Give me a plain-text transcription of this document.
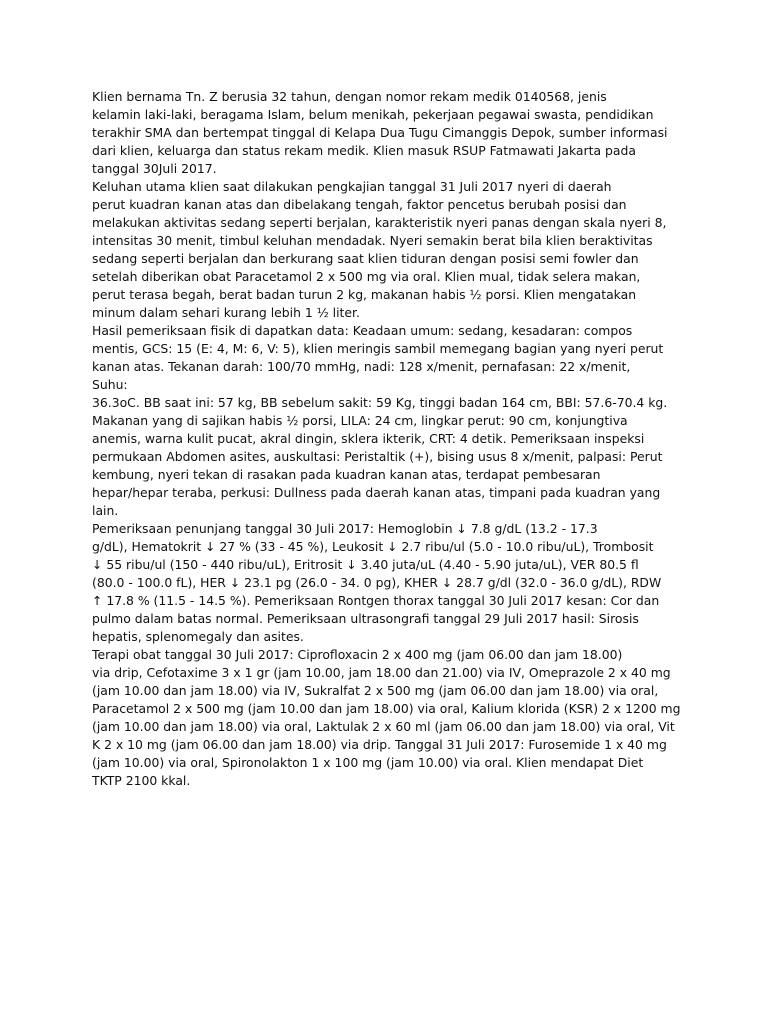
Klien bernama Tn. Z berusia 32 tahun, dengan nomor rekam medik 0140568, jenis
kelamin laki-laki, beragama Islam, belum menikah, pekerjaan pegawai swasta, pendidikan
terakhir SMA dan bertempat tinggal di Kelapa Dua Tugu Cimanggis Depok, sumber informasi
dari klien, keluarga dan status rekam medik. Klien masuk RSUP Fatmawati Jakarta pada
tanggal 30Juli 2017.
Keluhan utama klien saat dilakukan pengkajian tanggal 31 Juli 2017 nyeri di daerah
perut kuadran kanan atas dan dibelakang tengah, faktor pencetus berubah posisi dan
melakukan aktivitas sedang seperti berjalan, karakteristik nyeri panas dengan skala nyeri 8,
intensitas 30 menit, timbul keluhan mendadak. Nyeri semakin berat bila klien beraktivitas
sedang seperti berjalan dan berkurang saat klien tiduran dengan posisi semi fowler dan
setelah diberikan obat Paracetamol 2 x 500 mg via oral. Klien mual, tidak selera makan,
perut terasa begah, berat badan turun 2 kg, makanan habis ½ porsi. Klien mengatakan
minum dalam sehari kurang lebih 1 ½ liter.
Hasil pemeriksaan fisik di dapatkan data: Keadaan umum: sedang, kesadaran: compos
mentis, GCS: 15 (E: 4, M: 6, V: 5), klien meringis sambil memegang bagian yang nyeri perut
kanan atas. Tekanan darah: 100/70 mmHg, nadi: 128 x/menit, pernafasan: 22 x/menit,
Suhu:
36.3oC. BB saat ini: 57 kg, BB sebelum sakit: 59 Kg, tinggi badan 164 cm, BBI: 57.6-70.4 kg.
Makanan yang di sajikan habis ½ porsi, LILA: 24 cm, lingkar perut: 90 cm, konjungtiva
anemis, warna kulit pucat, akral dingin, sklera ikterik, CRT: 4 detik. Pemeriksaan inspeksi
permukaan Abdomen asites, auskultasi: Peristaltik (+), bising usus 8 x/menit, palpasi: Perut
kembung, nyeri tekan di rasakan pada kuadran kanan atas, terdapat pembesaran
hepar/hepar teraba, perkusi: Dullness pada daerah kanan atas, timpani pada kuadran yang
lain.
Pemeriksaan penunjang tanggal 30 Juli 2017: Hemoglobin ↓ 7.8 g/dL (13.2 - 17.3
g/dL), Hematokrit ↓ 27 % (33 - 45 %), Leukosit ↓ 2.7 ribu/ul (5.0 - 10.0 ribu/uL), Trombosit
↓ 55 ribu/ul (150 - 440 ribu/uL), Eritrosit ↓ 3.40 juta/uL (4.40 - 5.90 juta/uL), VER 80.5 fl
(80.0 - 100.0 fL), HER ↓ 23.1 pg (26.0 - 34. 0 pg), KHER ↓ 28.7 g/dl (32.0 - 36.0 g/dL), RDW
↑ 17.8 % (11.5 - 14.5 %). Pemeriksaan Rontgen thorax tanggal 30 Juli 2017 kesan: Cor dan
pulmo dalam batas normal. Pemeriksaan ultrasongrafi tanggal 29 Juli 2017 hasil: Sirosis
hepatis, splenomegaly dan asites.
Terapi obat tanggal 30 Juli 2017: Ciprofloxacin 2 x 400 mg (jam 06.00 dan jam 18.00)
via drip, Cefotaxime 3 x 1 gr (jam 10.00, jam 18.00 dan 21.00) via IV, Omeprazole 2 x 40 mg
(jam 10.00 dan jam 18.00) via IV, Sukralfat 2 x 500 mg (jam 06.00 dan jam 18.00) via oral,
Paracetamol 2 x 500 mg (jam 10.00 dan jam 18.00) via oral, Kalium klorida (KSR) 2 x 1200 mg
(jam 10.00 dan jam 18.00) via oral, Laktulak 2 x 60 ml (jam 06.00 dan jam 18.00) via oral, Vit
K 2 x 10 mg (jam 06.00 dan jam 18.00) via drip. Tanggal 31 Juli 2017: Furosemide 1 x 40 mg
(jam 10.00) via oral, Spironolakton 1 x 100 mg (jam 10.00) via oral. Klien mendapat Diet
TKTP 2100 kkal.
